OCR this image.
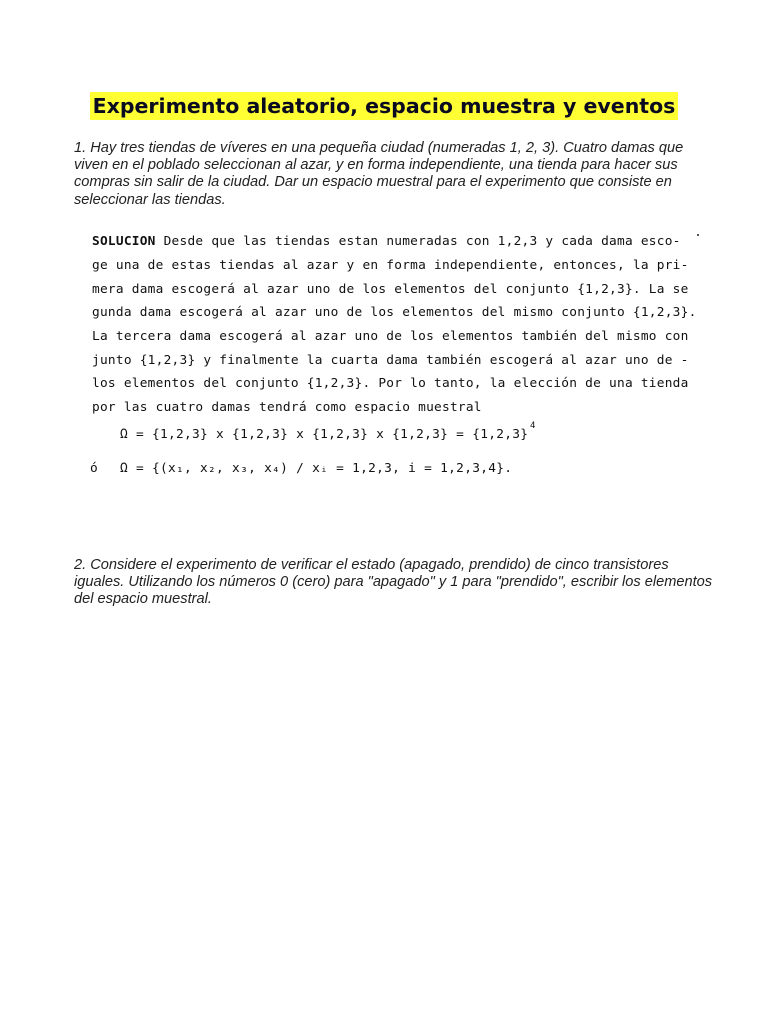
Experimento aleatorio, espacio muestra y eventos
1. Hay tres tiendas de víveres en una pequeña ciudad (numeradas 1, 2, 3). Cuatro damas que viven en el poblado seleccionan al azar, y en forma independiente, una tienda para hacer sus compras sin salir de la ciudad. Dar un espacio muestral para el experimento que consiste en seleccionar las tiendas.
SOLUCION Desde que las tiendas estan numeradas con 1,2,3 y cada dama esco-
ge una de estas tiendas al azar y en forma independiente, entonces, la pri-
mera dama escogerá al azar uno de los elementos del conjunto {1,2,3}. La se
gunda dama escogerá al azar uno de los elementos del mismo conjunto {1,2,3}.
La tercera dama escogerá al azar uno de los elementos también del mismo con
junto {1,2,3} y finalmente la cuarta dama también escogerá al azar uno de -
los elementos del conjunto {1,2,3}. Por lo tanto, la elección de una tienda
por las cuatro damas tendrá como espacio muestral
Ω = {1,2,3} x {1,2,3} x {1,2,3} x {1,2,3} = {1,2,3}
4
ó Ω = {(x₁, x₂, x₃, x₄) / xᵢ = 1,2,3, i = 1,2,3,4}.
2. Considere el experimento de verificar el estado (apagado, prendido) de cinco transistores iguales. Utilizando los números 0 (cero) para "apagado" y 1 para "prendido", escribir los elementos del espacio muestral.
